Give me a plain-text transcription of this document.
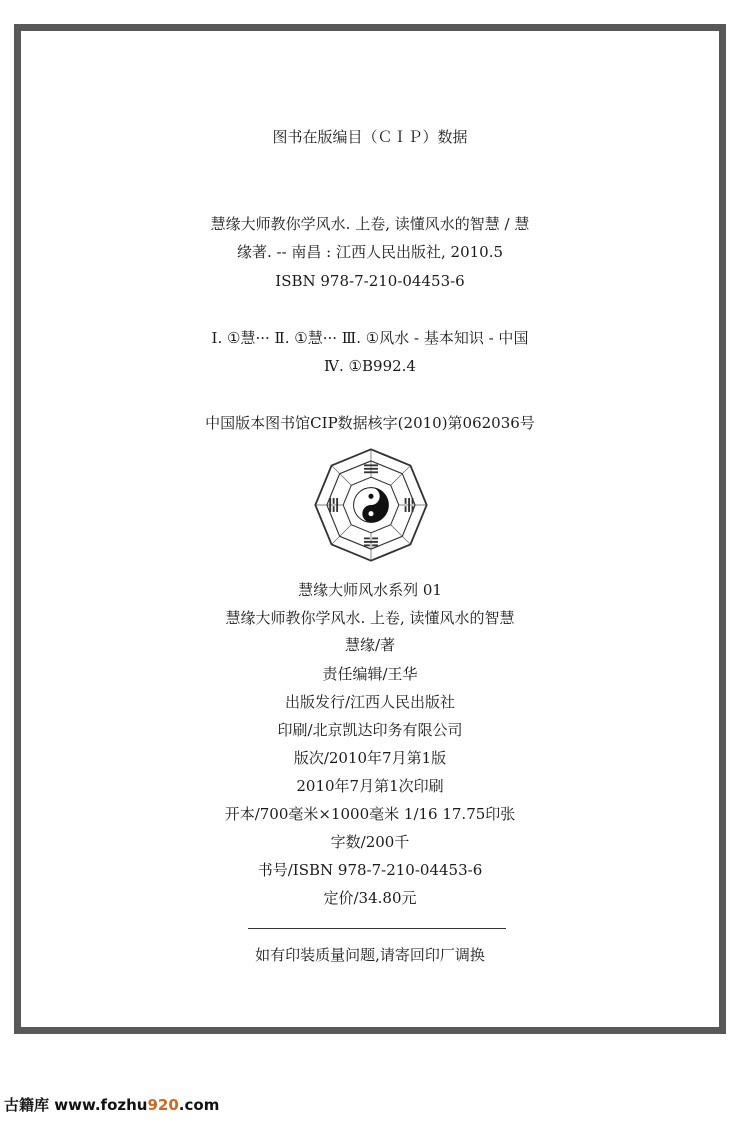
图书在版编目（ＣＩＰ）数据
慧缘大师教你学风水. 上卷, 读懂风水的智慧 / 慧
缘著. -- 南昌 : 江西人民出版社, 2010.5
ISBN 978-7-210-04453-6
Ⅰ. ①慧··· Ⅱ. ①慧··· Ⅲ. ①风水 - 基本知识 - 中国
Ⅳ. ①B992.4
中国版本图书馆CIP数据核字(2010)第062036号
慧缘大师风水系列 01
慧缘大师教你学风水. 上卷, 读懂风水的智慧
慧缘/著
责任编辑/王华
出版发行/江西人民出版社
印刷/北京凯达印务有限公司
版次/2010年7月第1版
2010年7月第1次印刷
开本/700毫米×1000毫米 1/16 17.75印张
字数/200千
书号/ISBN 978-7-210-04453-6
定价/34.80元
如有印装质量问题,请寄回印厂调换
古籍库 www.fozhu920.com
